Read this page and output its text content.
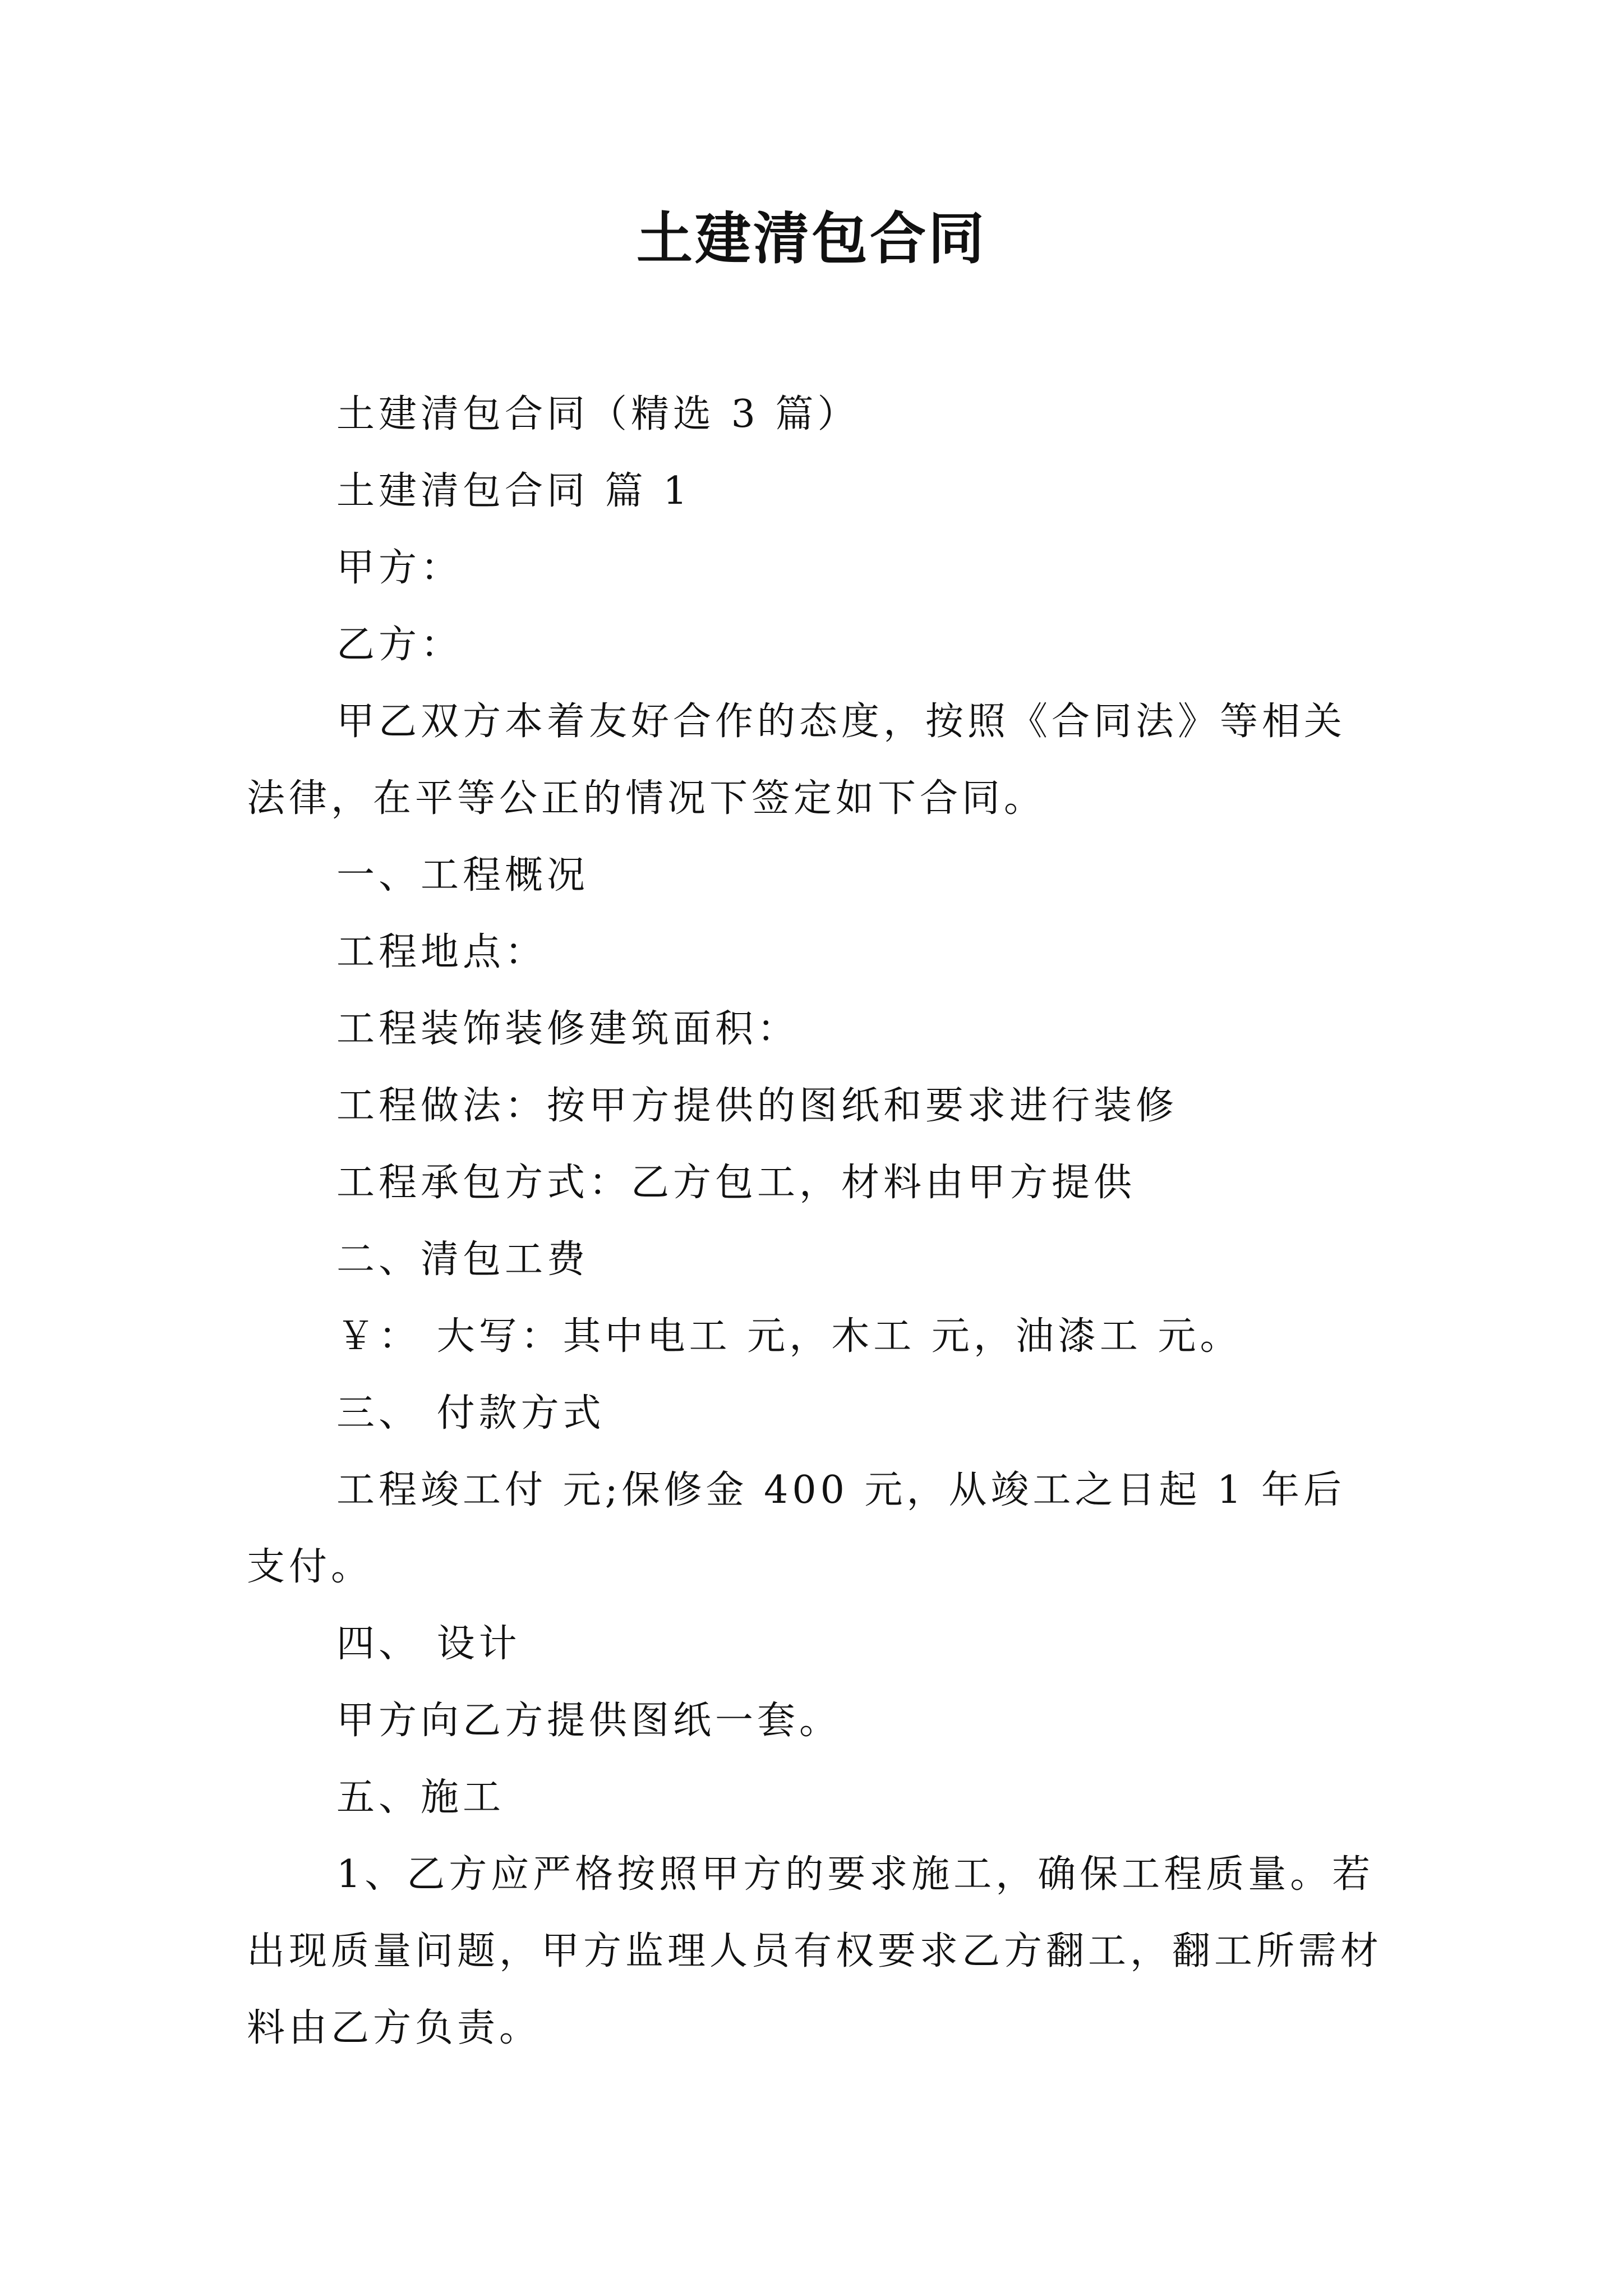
土建清包合同

土建清包合同（精选 3 篇）

土建清包合同 篇 1

甲方：

乙方：

甲乙双方本着友好合作的态度，按照《合同法》等相关法律，在平等公正的情况下签定如下合同。

一、工程概况

工程地点：

工程装饰装修建筑面积：

工程做法：按甲方提供的图纸和要求进行装修

工程承包方式：乙方包工，材料由甲方提供

二、清包工费

￥： 大写：其中电工 元，木工 元，油漆工 元。

三、 付款方式

工程竣工付 元;保修金 400 元，从竣工之日起 1 年后支付。

四、 设计

甲方向乙方提供图纸一套。

五、施工

1、乙方应严格按照甲方的要求施工，确保工程质量。若出现质量问题，甲方监理人员有权要求乙方翻工，翻工所需材料由乙方负责。
